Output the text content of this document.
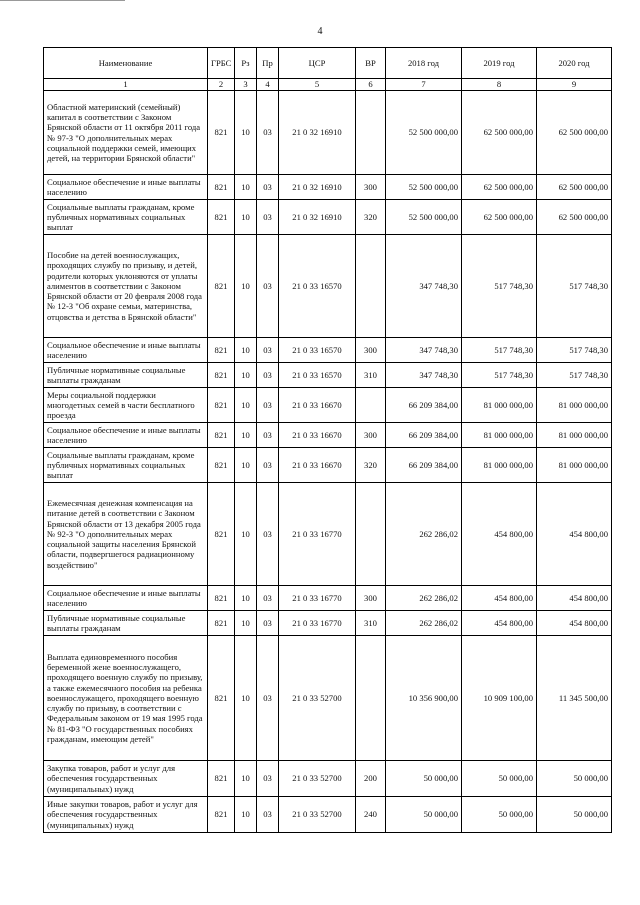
4
Наименование	ГРБС	Рз	Пр	ЦСР	ВР	2018 год	2019 год	2020 год
1	2	3	4	5	6	7	8	9
Областной материнский (семейный) капитал в соответствии с Законом Брянской области от 11 октября 2011 года № 97-З "О дополнительных мерах социальной поддержки семей, имеющих детей, на территории Брянской области"	821	10	03	21 0 32 16910		52 500 000,00	62 500 000,00	62 500 000,00
Социальное обеспечение и иные выплаты населению	821	10	03	21 0 32 16910	300	52 500 000,00	62 500 000,00	62 500 000,00
Социальные выплаты гражданам, кроме публичных нормативных социальных выплат	821	10	03	21 0 32 16910	320	52 500 000,00	62 500 000,00	62 500 000,00
Пособие на детей военнослужащих, проходящих службу по призыву, и детей, родители которых уклоняются от уплаты алиментов в соответствии с Законом Брянской области от 20 февраля 2008 года № 12-З "Об охране семьи, материнства, отцовства и детства в Брянской области"	821	10	03	21 0 33 16570		347 748,30	517 748,30	517 748,30
Социальное обеспечение и иные выплаты населению	821	10	03	21 0 33 16570	300	347 748,30	517 748,30	517 748,30
Публичные нормативные социальные выплаты гражданам	821	10	03	21 0 33 16570	310	347 748,30	517 748,30	517 748,30
Меры социальной поддержки многодетных семей в части бесплатного проезда	821	10	03	21 0 33 16670		66 209 384,00	81 000 000,00	81 000 000,00
Социальное обеспечение и иные выплаты населению	821	10	03	21 0 33 16670	300	66 209 384,00	81 000 000,00	81 000 000,00
Социальные выплаты гражданам, кроме публичных нормативных социальных выплат	821	10	03	21 0 33 16670	320	66 209 384,00	81 000 000,00	81 000 000,00
Ежемесячная денежная компенсация на питание детей в соответствии с Законом Брянской области от 13 декабря 2005 года № 92-З "О дополнительных мерах социальной защиты населения Брянской области, подвергшегося радиационному воздействию"	821	10	03	21 0 33 16770		262 286,02	454 800,00	454 800,00
Социальное обеспечение и иные выплаты населению	821	10	03	21 0 33 16770	300	262 286,02	454 800,00	454 800,00
Публичные нормативные социальные выплаты гражданам	821	10	03	21 0 33 16770	310	262 286,02	454 800,00	454 800,00
Выплата единовременного пособия беременной жене военнослужащего, проходящего военную службу по призыву, а также ежемесячного пособия на ребенка военнослужащего, проходящего военную службу по призыву, в соответствии с Федеральным законом от 19 мая 1995 года № 81-ФЗ "О государственных пособиях гражданам, имеющим детей"	821	10	03	21 0 33 52700		10 356 900,00	10 909 100,00	11 345 500,00
Закупка товаров, работ и услуг для обеспечения государственных (муниципальных) нужд	821	10	03	21 0 33 52700	200	50 000,00	50 000,00	50 000,00
Иные закупки товаров, работ и услуг для обеспечения государственных (муниципальных) нужд	821	10	03	21 0 33 52700	240	50 000,00	50 000,00	50 000,00
